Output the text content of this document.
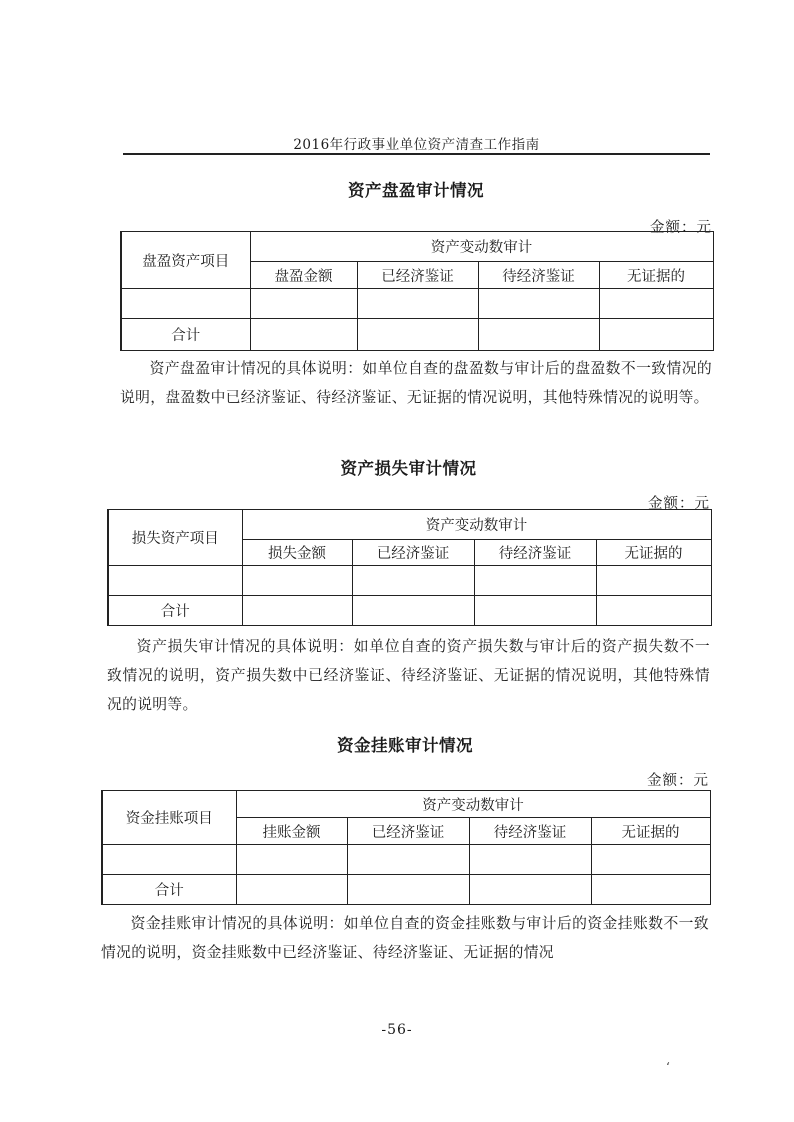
2016年行政事业单位资产清查工作指南
资产盘盈审计情况
金额：元
盘盈资产项目	资产变动数审计			
	盘盈金额	已经济鉴证	待经济鉴证	无证据的

合计				
资产盘盈审计情况的具体说明：如单位自查的盘盈数与审计后的盘盈数不一致情况的说明，盘盈数中已经济鉴证、待经济鉴证、无证据的情况说明，其他特殊情况的说明等。
资产损失审计情况
金额：元
损失资产项目	资产变动数审计			
	损失金额	已经济鉴证	待经济鉴证	无证据的

合计				
资产损失审计情况的具体说明：如单位自查的资产损失数与审计后的资产损失数不一致情况的说明，资产损失数中已经济鉴证、待经济鉴证、无证据的情况说明，其他特殊情况的说明等。
资金挂账审计情况
金额：元
资金挂账项目	资产变动数审计			
	挂账金额	已经济鉴证	待经济鉴证	无证据的

合计				
资金挂账审计情况的具体说明：如单位自查的资金挂账数与审计后的资金挂账数不一致情况的说明，资金挂账数中已经济鉴证、待经济鉴证、无证据的情况
-56-
ʻ
